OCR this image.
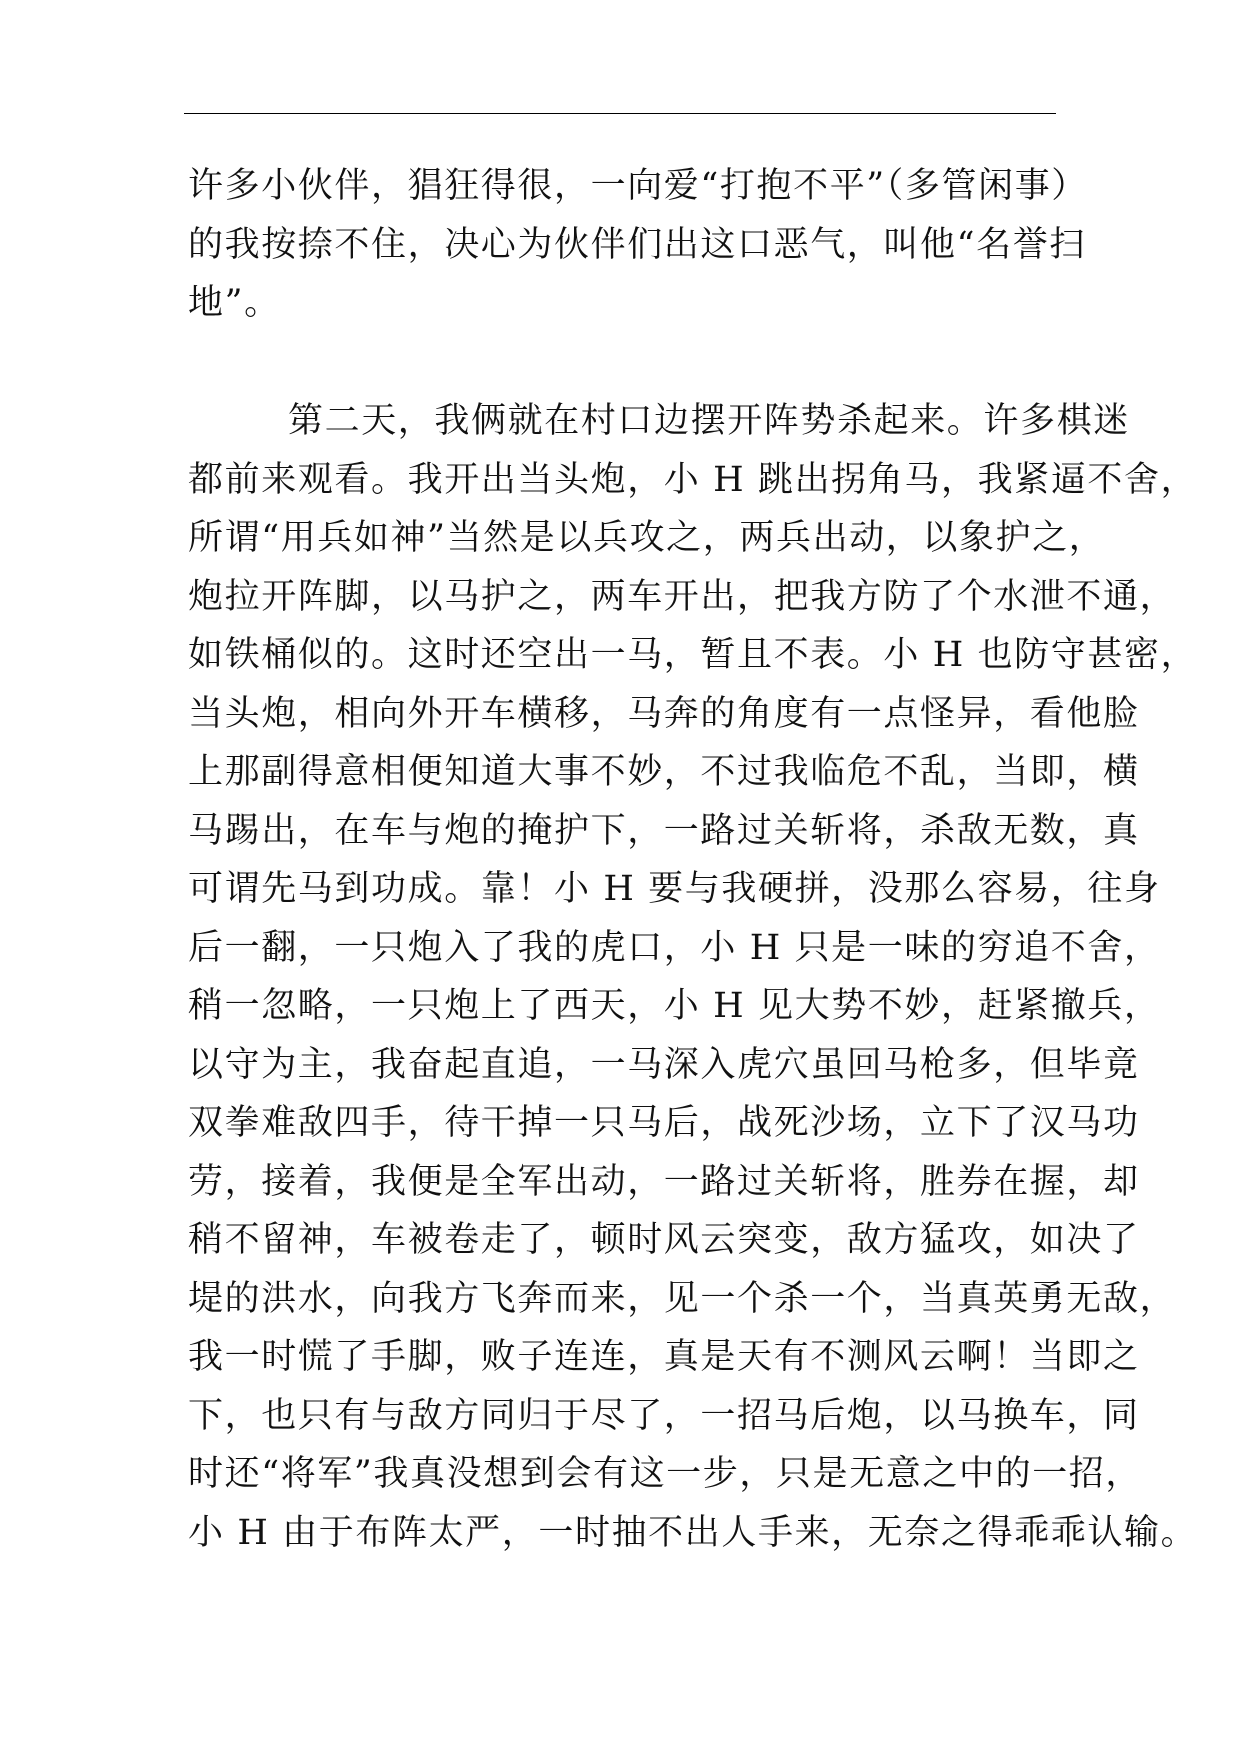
许多小伙伴，猖狂得很，一向爱“打抱不平”（多管闲事）
的我按捺不住，决心为伙伴们出这口恶气，叫他“名誉扫
地”。
第二天，我俩就在村口边摆开阵势杀起来。许多棋迷
都前来观看。我开出当头炮，小 H 跳出拐角马，我紧逼不舍，
所谓“用兵如神”当然是以兵攻之，两兵出动，以象护之，
炮拉开阵脚，以马护之，两车开出，把我方防了个水泄不通，
如铁桶似的。这时还空出一马，暂且不表。小 H 也防守甚密，
当头炮，相向外开车横移，马奔的角度有一点怪异，看他脸
上那副得意相便知道大事不妙，不过我临危不乱，当即，横
马踢出，在车与炮的掩护下，一路过关斩将，杀敌无数，真
可谓先马到功成。靠！小 H 要与我硬拼，没那么容易，往身
后一翻，一只炮入了我的虎口，小 H 只是一味的穷追不舍，
稍一忽略，一只炮上了西天，小 H 见大势不妙，赶紧撤兵，
以守为主，我奋起直追，一马深入虎穴虽回马枪多，但毕竟
双拳难敌四手，待干掉一只马后，战死沙场，立下了汉马功
劳，接着，我便是全军出动，一路过关斩将，胜券在握，却
稍不留神，车被卷走了，顿时风云突变，敌方猛攻，如决了
堤的洪水，向我方飞奔而来，见一个杀一个，当真英勇无敌，
我一时慌了手脚，败子连连，真是天有不测风云啊！当即之
下，也只有与敌方同归于尽了，一招马后炮，以马换车，同
时还“将军”我真没想到会有这一步，只是无意之中的一招，
小 H 由于布阵太严，一时抽不出人手来，无奈之得乖乖认输。
